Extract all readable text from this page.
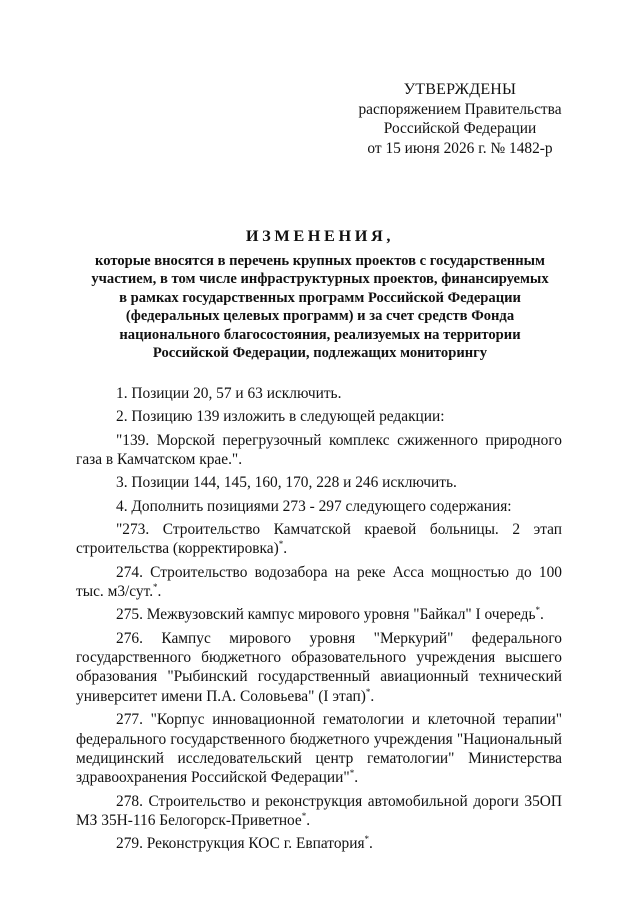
УТВЕРЖДЕНЫ
распоряжением Правительства
Российской Федерации
от 15 июня 2026 г. № 1482-р
ИЗМЕНЕНИЯ,
которые вносятся в перечень крупных проектов с государственным
участием, в том числе инфраструктурных проектов, финансируемых
в рамках государственных программ Российской Федерации
(федеральных целевых программ) и за счет средств Фонда
национального благосостояния, реализуемых на территории
Российской Федерации, подлежащих мониторингу

1. Позиции 20, 57 и 63 исключить.

2. Позицию 139 изложить в следующей редакции:

"139. Морской перегрузочный комплекс сжиженного природного газа в Камчатском крае.".

3. Позиции 144, 145, 160, 170, 228 и 246 исключить.

4. Дополнить позициями 273 - 297 следующего содержания:

"273. Строительство Камчатской краевой больницы. 2 этап строительства (корректировка)*.

274. Строительство водозабора на реке Асса мощностью до 100 тыс. м3/сут.*.

275. Межвузовский кампус мирового уровня "Байкал" I очередь*.

276. Кампус мирового уровня "Меркурий" федерального государственного бюджетного образовательного учреждения высшего образования "Рыбинский государственный авиационный технический университет имени П.А. Соловьева" (I этап)*.

277. "Корпус инновационной гематологии и клеточной терапии" федерального государственного бюджетного учреждения "Национальный медицинский исследовательский центр гематологии" Министерства здравоохранения Российской Федерации"*.

278. Строительство и реконструкция автомобильной дороги 35ОП МЗ 35Н-116 Белогорск-Приветное*.

279. Реконструкция КОС г. Евпатория*.
